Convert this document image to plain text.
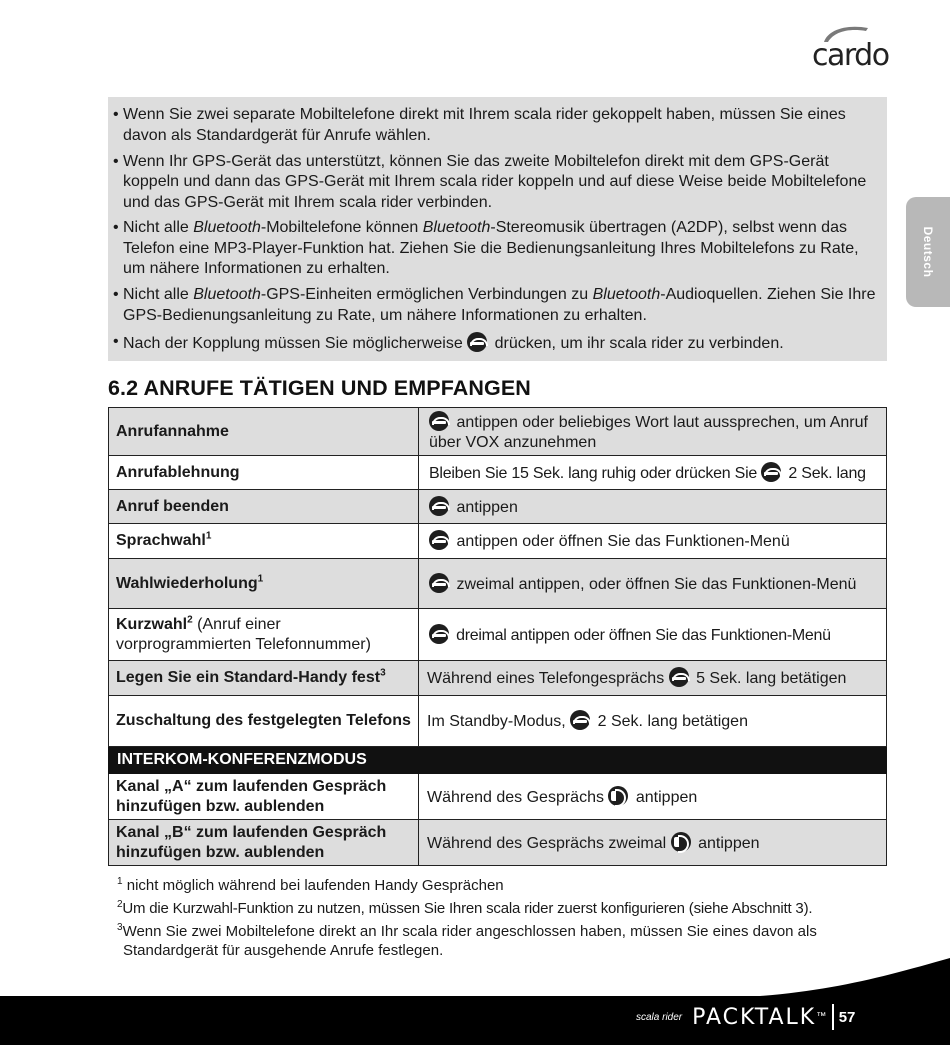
cardo
Deutsch
• Wenn Sie zwei separate Mobiltelefone direkt mit Ihrem scala rider gekoppelt haben, müssen Sie eines davon als Standardgerät für Anrufe wählen.
• Wenn Ihr GPS-Gerät das unterstützt, können Sie das zweite Mobiltelefon direkt mit dem GPS-Gerät koppeln und dann das GPS-Gerät mit Ihrem scala rider koppeln und auf diese Weise beide Mobiltelefone und das GPS-Gerät mit Ihrem scala rider verbinden.
• Nicht alle Bluetooth-Mobiltelefone können Bluetooth-Stereomusik übertragen (A2DP), selbst wenn das Telefon eine MP3-Player-Funktion hat. Ziehen Sie die Bedienungsanleitung Ihres Mobiltelefons zu Rate, um nähere Informationen zu erhalten.
• Nicht alle Bluetooth-GPS-Einheiten ermöglichen Verbindungen zu Bluetooth-Audioquellen. Ziehen Sie Ihre GPS-Bedienungsanleitung zu Rate, um nähere Informationen zu erhalten.
• Nach der Kopplung müssen Sie möglicherweise  drücken, um ihr scala rider zu verbinden.
6.2 ANRUFE TÄTIGEN UND EMPFANGEN
Anrufannahme	antippen oder beliebiges Wort laut aussprechen, um Anruf über VOX anzunehmen
Anrufablehnung	Bleiben Sie 15 Sek. lang ruhig oder drücken Sie  2 Sek. lang
Anruf beenden	antippen
Sprachwahl$^1$	antippen oder öffnen Sie das Funktionen-Menü
Wahlwiederholung$^1$	zweimal antippen, oder öffnen Sie das Funktionen-Menü
Kurzwahl$^2$ (Anruf einer vorprogrammierten Telefonnummer)	dreimal antippen oder öffnen Sie das Funktionen-Menü
Legen Sie ein Standard-Handy fest$^3$	Während eines Telefongesprächs  5 Sek. lang betätigen
Zuschaltung des festgelegten Telefons	Im Standby-Modus,  2 Sek. lang betätigen
INTERKOM-KONFERENZMODUS	
Kanal „A“ zum laufenden Gespräch hinzufügen bzw. aublenden	Während des Gesprächs  antippen
Kanal „B“ zum laufenden Gespräch hinzufügen bzw. aublenden	Während des Gesprächs zweimal  antippen
$^1$ nicht möglich während bei laufenden Handy Gesprächen
$^2$Um die Kurzwahl-Funktion zu nutzen, müssen Sie Ihren scala rider zuerst konfigurieren (siehe Abschnitt 3).
$^3$Wenn Sie zwei Mobiltelefone direkt an Ihr scala rider angeschlossen haben, müssen Sie eines davon als Standardgerät für ausgehende Anrufe festlegen.
scala rider PACKTALK ™ 57
